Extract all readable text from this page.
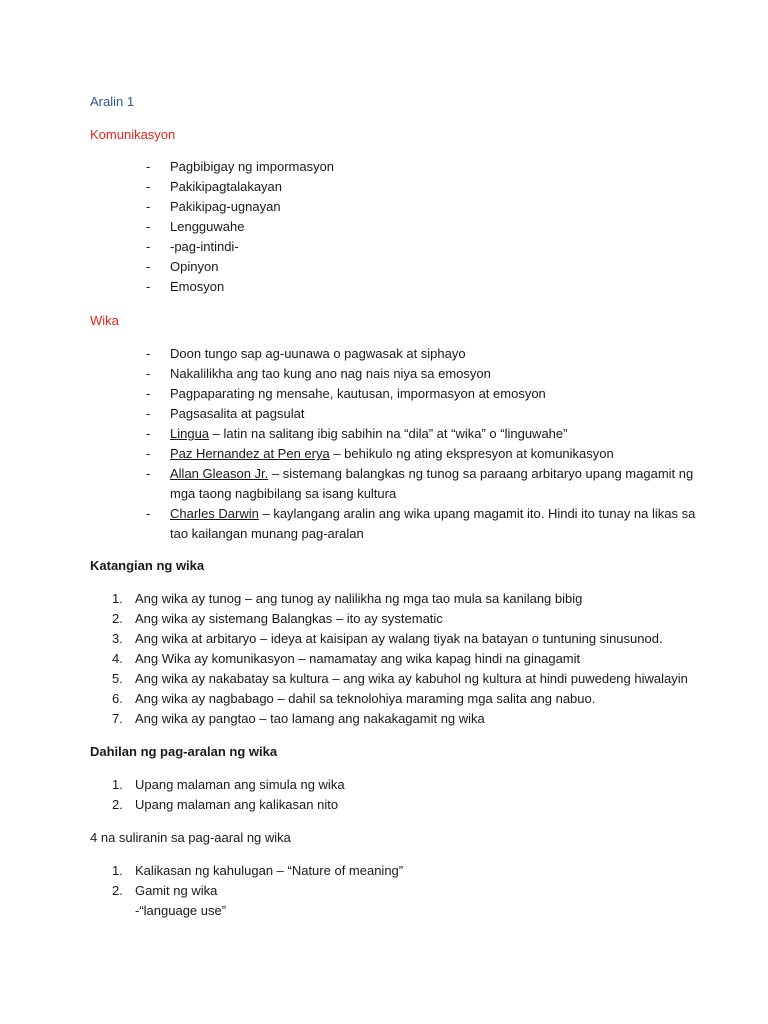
Aralin 1

Komunikasyon

- Pagbibigay ng impormasyon
- Pakikipagtalakayan
- Pakikipag-ugnayan
- Lengguwahe
- -pag-intindi-
- Opinyon
- Emosyon

Wika

- Doon tungo sap ag-uunawa o pagwasak at siphayo
- Nakalilikha ang tao kung ano nag nais niya sa emosyon
- Pagpaparating ng mensahe, kautusan, impormasyon at emosyon
- Pagsasalita at pagsulat
- Lingua – latin na salitang ibig sabihin na “dila” at “wika” o “linguwahe”
- Paz Hernandez at Pen erya – behikulo ng ating ekspresyon at komunikasyon
- Allan Gleason Jr. – sistemang balangkas ng tunog sa paraang arbitaryo upang magamit ng
mga taong nagbibilang sa isang kultura
- Charles Darwin – kaylangang aralin ang wika upang magamit ito. Hindi ito tunay na likas sa
tao kailangan munang pag-aralan

Katangian ng wika

1. Ang wika ay tunog – ang tunog ay nalilikha ng mga tao mula sa kanilang bibig
2. Ang wika ay sistemang Balangkas – ito ay systematic
3. Ang wika at arbitaryo – ideya at kaisipan ay walang tiyak na batayan o tuntuning sinusunod.
4. Ang Wika ay komunikasyon – namamatay ang wika kapag hindi na ginagamit
5. Ang wika ay nakabatay sa kultura – ang wika ay kabuhol ng kultura at hindi puwedeng hiwalayin
6. Ang wika ay nagbabago – dahil sa teknolohiya maraming mga salita ang nabuo.
7. Ang wika ay pangtao – tao lamang ang nakakagamit ng wika

Dahilan ng pag-aralan ng wika

1. Upang malaman ang simula ng wika
2. Upang malaman ang kalikasan nito

4 na suliranin sa pag-aaral ng wika

1. Kalikasan ng kahulugan – “Nature of meaning”
2. Gamit ng wika
-“language use”
